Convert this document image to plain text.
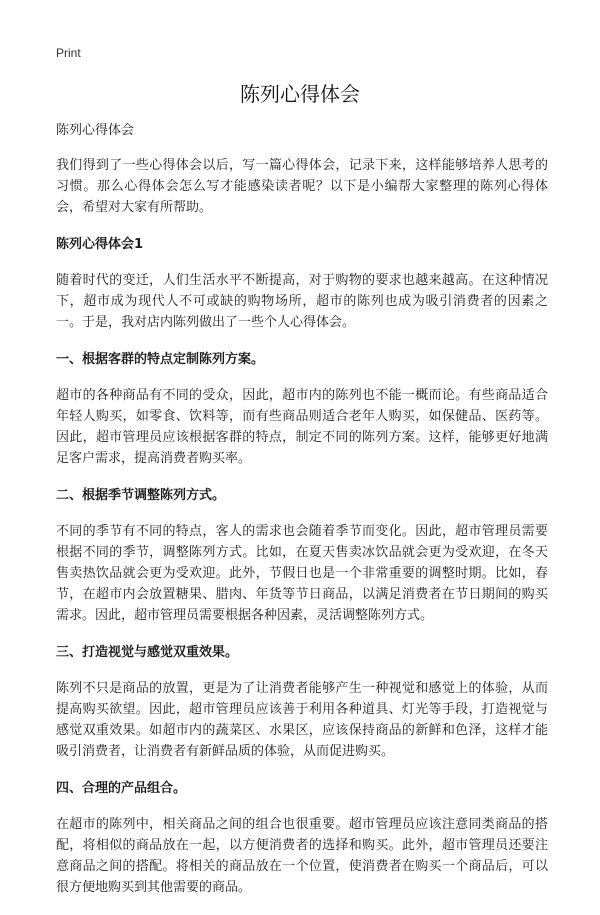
Print
陈列心得体会

陈列心得体会

我们得到了一些心得体会以后，写一篇心得体会，记录下来，这样能够培养人思考的习惯。那么心得体会怎么写才能感染读者呢？以下是小编帮大家整理的陈列心得体会，希望对大家有所帮助。

陈列心得体会1

随着时代的变迁，人们生活水平不断提高，对于购物的要求也越来越高。在这种情况下，超市成为现代人不可或缺的购物场所，超市的陈列也成为吸引消费者的因素之一。于是，我对店内陈列做出了一些个人心得体会。

一、根据客群的特点定制陈列方案。

超市的各种商品有不同的受众，因此，超市内的陈列也不能一概而论。有些商品适合年轻人购买，如零食、饮料等，而有些商品则适合老年人购买，如保健品、医药等。因此，超市管理员应该根据客群的特点，制定不同的陈列方案。这样，能够更好地满足客户需求，提高消费者购买率。

二、根据季节调整陈列方式。

不同的季节有不同的特点，客人的需求也会随着季节而变化。因此，超市管理员需要根据不同的季节，调整陈列方式。比如，在夏天售卖冰饮品就会更为受欢迎，在冬天售卖热饮品就会更为受欢迎。此外，节假日也是一个非常重要的调整时期。比如，春节，在超市内会放置糖果、腊肉、年货等节日商品，以满足消费者在节日期间的购买需求。因此，超市管理员需要根据各种因素，灵活调整陈列方式。

三、打造视觉与感觉双重效果。

陈列不只是商品的放置，更是为了让消费者能够产生一种视觉和感觉上的体验，从而提高购买欲望。因此，超市管理员应该善于利用各种道具、灯光等手段，打造视觉与感觉双重效果。如超市内的蔬菜区、水果区，应该保持商品的新鲜和色泽，这样才能吸引消费者，让消费者有新鲜品质的体验，从而促进购买。

四、合理的产品组合。

在超市的陈列中，相关商品之间的组合也很重要。超市管理员应该注意同类商品的搭配，将相似的商品放在一起，以方便消费者的选择和购买。此外，超市管理员还要注意商品之间的搭配。将相关的商品放在一个位置，使消费者在购买一个商品后，可以很方便地购买到其他需要的商品。
